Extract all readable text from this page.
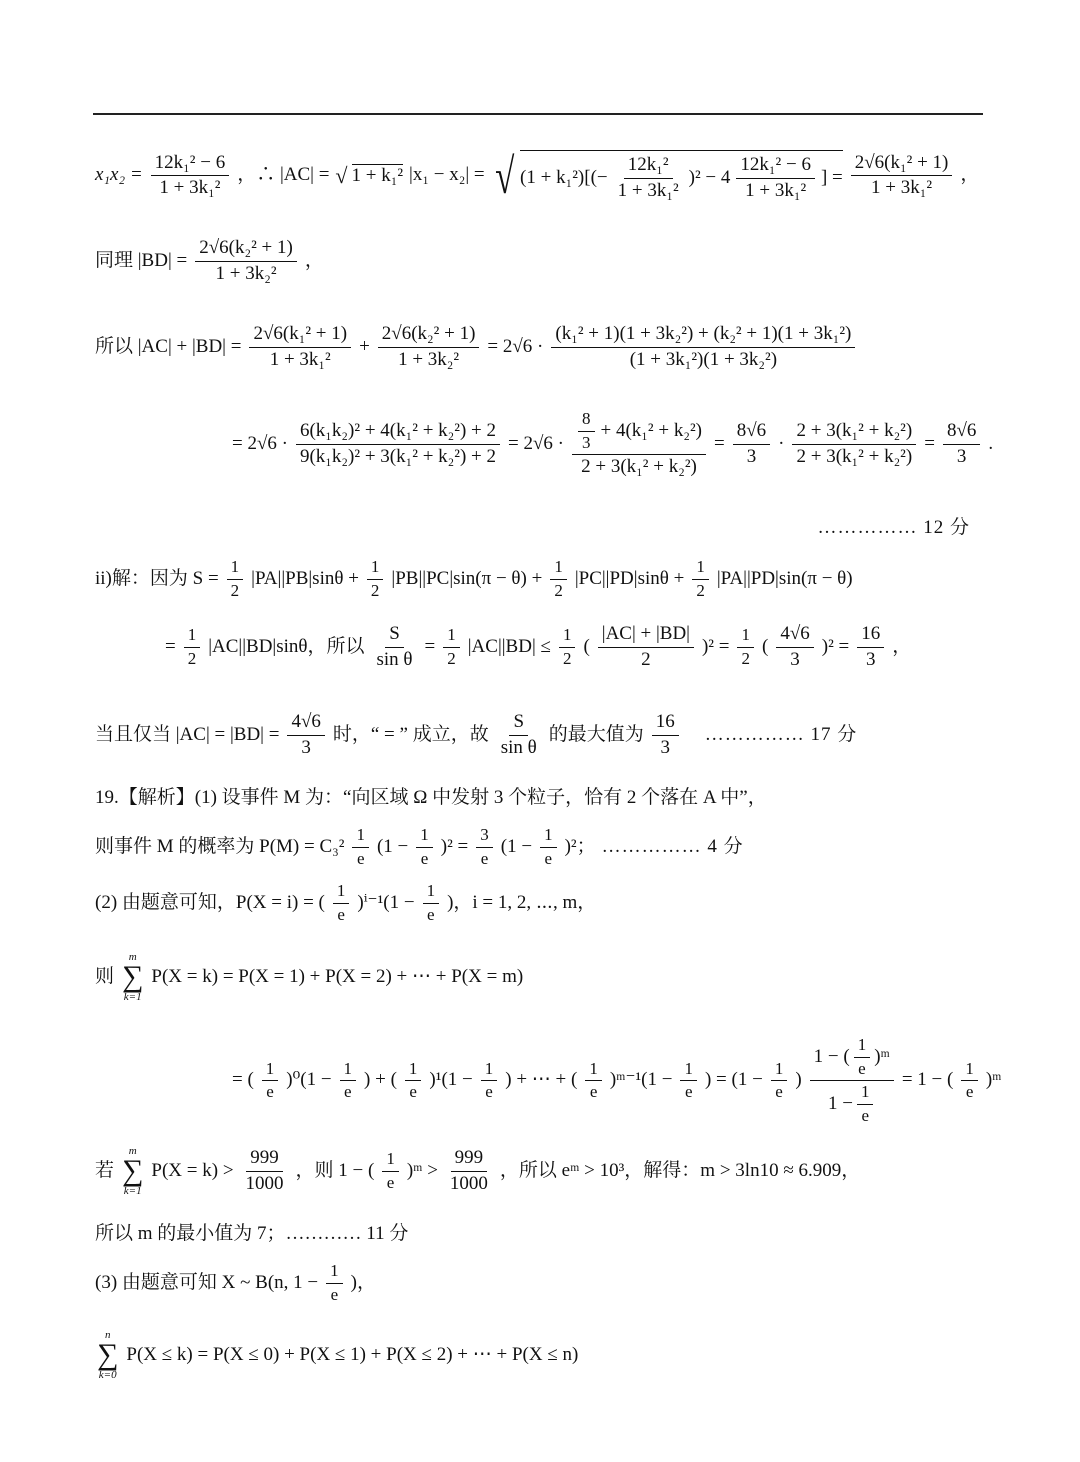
$x_1x_2 = \frac{\text{12k₁² − 6}}{\text{1 + 3k₁²}}$ ，∴ |AC| = √ 1 + k₁² |x₁ − x₂| = √ $(1 + k_1^2)[(- \frac{\text{12k₁²}}{\text{1 + 3k₁²}} )^2 - 4 \frac{\text{12k₁² − 6}}{\text{1 + 3k₁²}}$ ] = $\frac{\text{2√6(k₁² + 1)}}{\text{1 + 3k₁²}}$ ，
同理 $|BD| = \frac{\text{2√6(k₂² + 1)}}{\text{1 + 3k₂²}}$ ，
所以 $|AC| + |BD| = \frac{\text{2√6(k₁² + 1)}}{\text{1 + 3k₁²}} + \frac{\text{2√6(k₂² + 1)}}{\text{1 + 3k₂²}} = 2√6 \cdot \frac{\text{(k₁² + 1)(1 + 3k₂²) + (k₂² + 1)(1 + 3k₁²)}}{\text{(1 + 3k₁²)(1 + 3k₂²)}}$
= $2√6 \cdot \frac{\text{6(k₁k₂)² + 4(k₁² + k₂²) + 2}}{\text{9(k₁k₂)² + 3(k₁² + k₂²) + 2}} = 2√6 \cdot \frac{\frac{8}{3} + 4(k_1^2 + k_2^2)}{\text{2 + 3(k₁² + k₂²)}} = \frac{8√6}{3} \cdot \frac{\text{2 + 3(k₁² + k₂²)}}{\text{2 + 3(k₁² + k₂²)}} = \frac{8√6}{3}$ .
…………… 12 分
ii)解：因为 $S = \frac{1}{2} |PA||PB|\sin\theta + \frac{1}{2} |PB||PC|\sin(\pi - \theta) + \frac{1}{2} |PC||PD|\sin\theta + \frac{1}{2} |PA||PD|\sin(\pi - \theta)$
= $\frac{1}{2} |AC||BD|\sin\theta$，所以 $\frac{S}{\text{sin θ}} = \frac{1}{2} |AC||BD| \le \frac{1}{2}$ ( $\frac{|AC| + |BD|}{2} )^2 = \frac{1}{2}$ ( $\frac{4√6}{3} )^2 = \frac{16}{3}$ ，
当且仅当 $|AC| = |BD| = \frac{4√6}{3}$ 时，“ = ” 成立，故 $\frac{S}{\text{sin θ}}$ 的最大值为 $\frac{16}{3}$ …………… 17 分
19.【解析】(1) 设事件 M 为：“向区域 Ω 中发射 3 个粒子，恰有 2 个落在 A 中”，
则事件 M 的概率为 $P(M) = C_3^2 \frac{1}{e} (1 - \frac{1}{e} )^2 = \frac{3}{e} (1 - \frac{1}{e} )^2$； …………… 4 分
(2) 由题意可知，P(X = i) = ( $\frac{1}{e} )^{i-1}(1 - \frac{1}{e}$ )，i = 1, 2, ⋯, m，
则
m
∑
k=1
P(X = k) = P(X = 1) + P(X = 2) + ⋯ + P(X = m)
= ( $\frac{1}{e} )^0(1 - \frac{1}{e}$ ) + ( $\frac{1}{e} )^1(1 - \frac{1}{e}$ ) + ⋯ + ( $\frac{1}{e}$ )ᵐ⁻¹(1 − $\frac{1}{e}$ ) = ($1 - \frac{1}{e}$ ) $\frac{1 - ( \frac{1}{e} )ᵐ}{1 - \frac{1}{e}} = 1$ − ( $\frac{1}{e}$ )ᵐ
若
m
∑
k=1
$P(X = k) > \frac{999}{1000}$ ，则 1 − ( $\frac{1}{e}$ )ᵐ > $\frac{999}{1000}$ ，所以 eᵐ > 10³，解得：m > 3ln10 ≈ 6.909，
所以 m 的最小值为 7；………… 11 分
(3) 由题意可知 X ~ B(n, $1 - \frac{1}{e}$ )，
n
∑
k=0
P(X ≤ k) = P(X ≤ 0) + P(X ≤ 1) + P(X ≤ 2) + ⋯ + P(X ≤ n)
